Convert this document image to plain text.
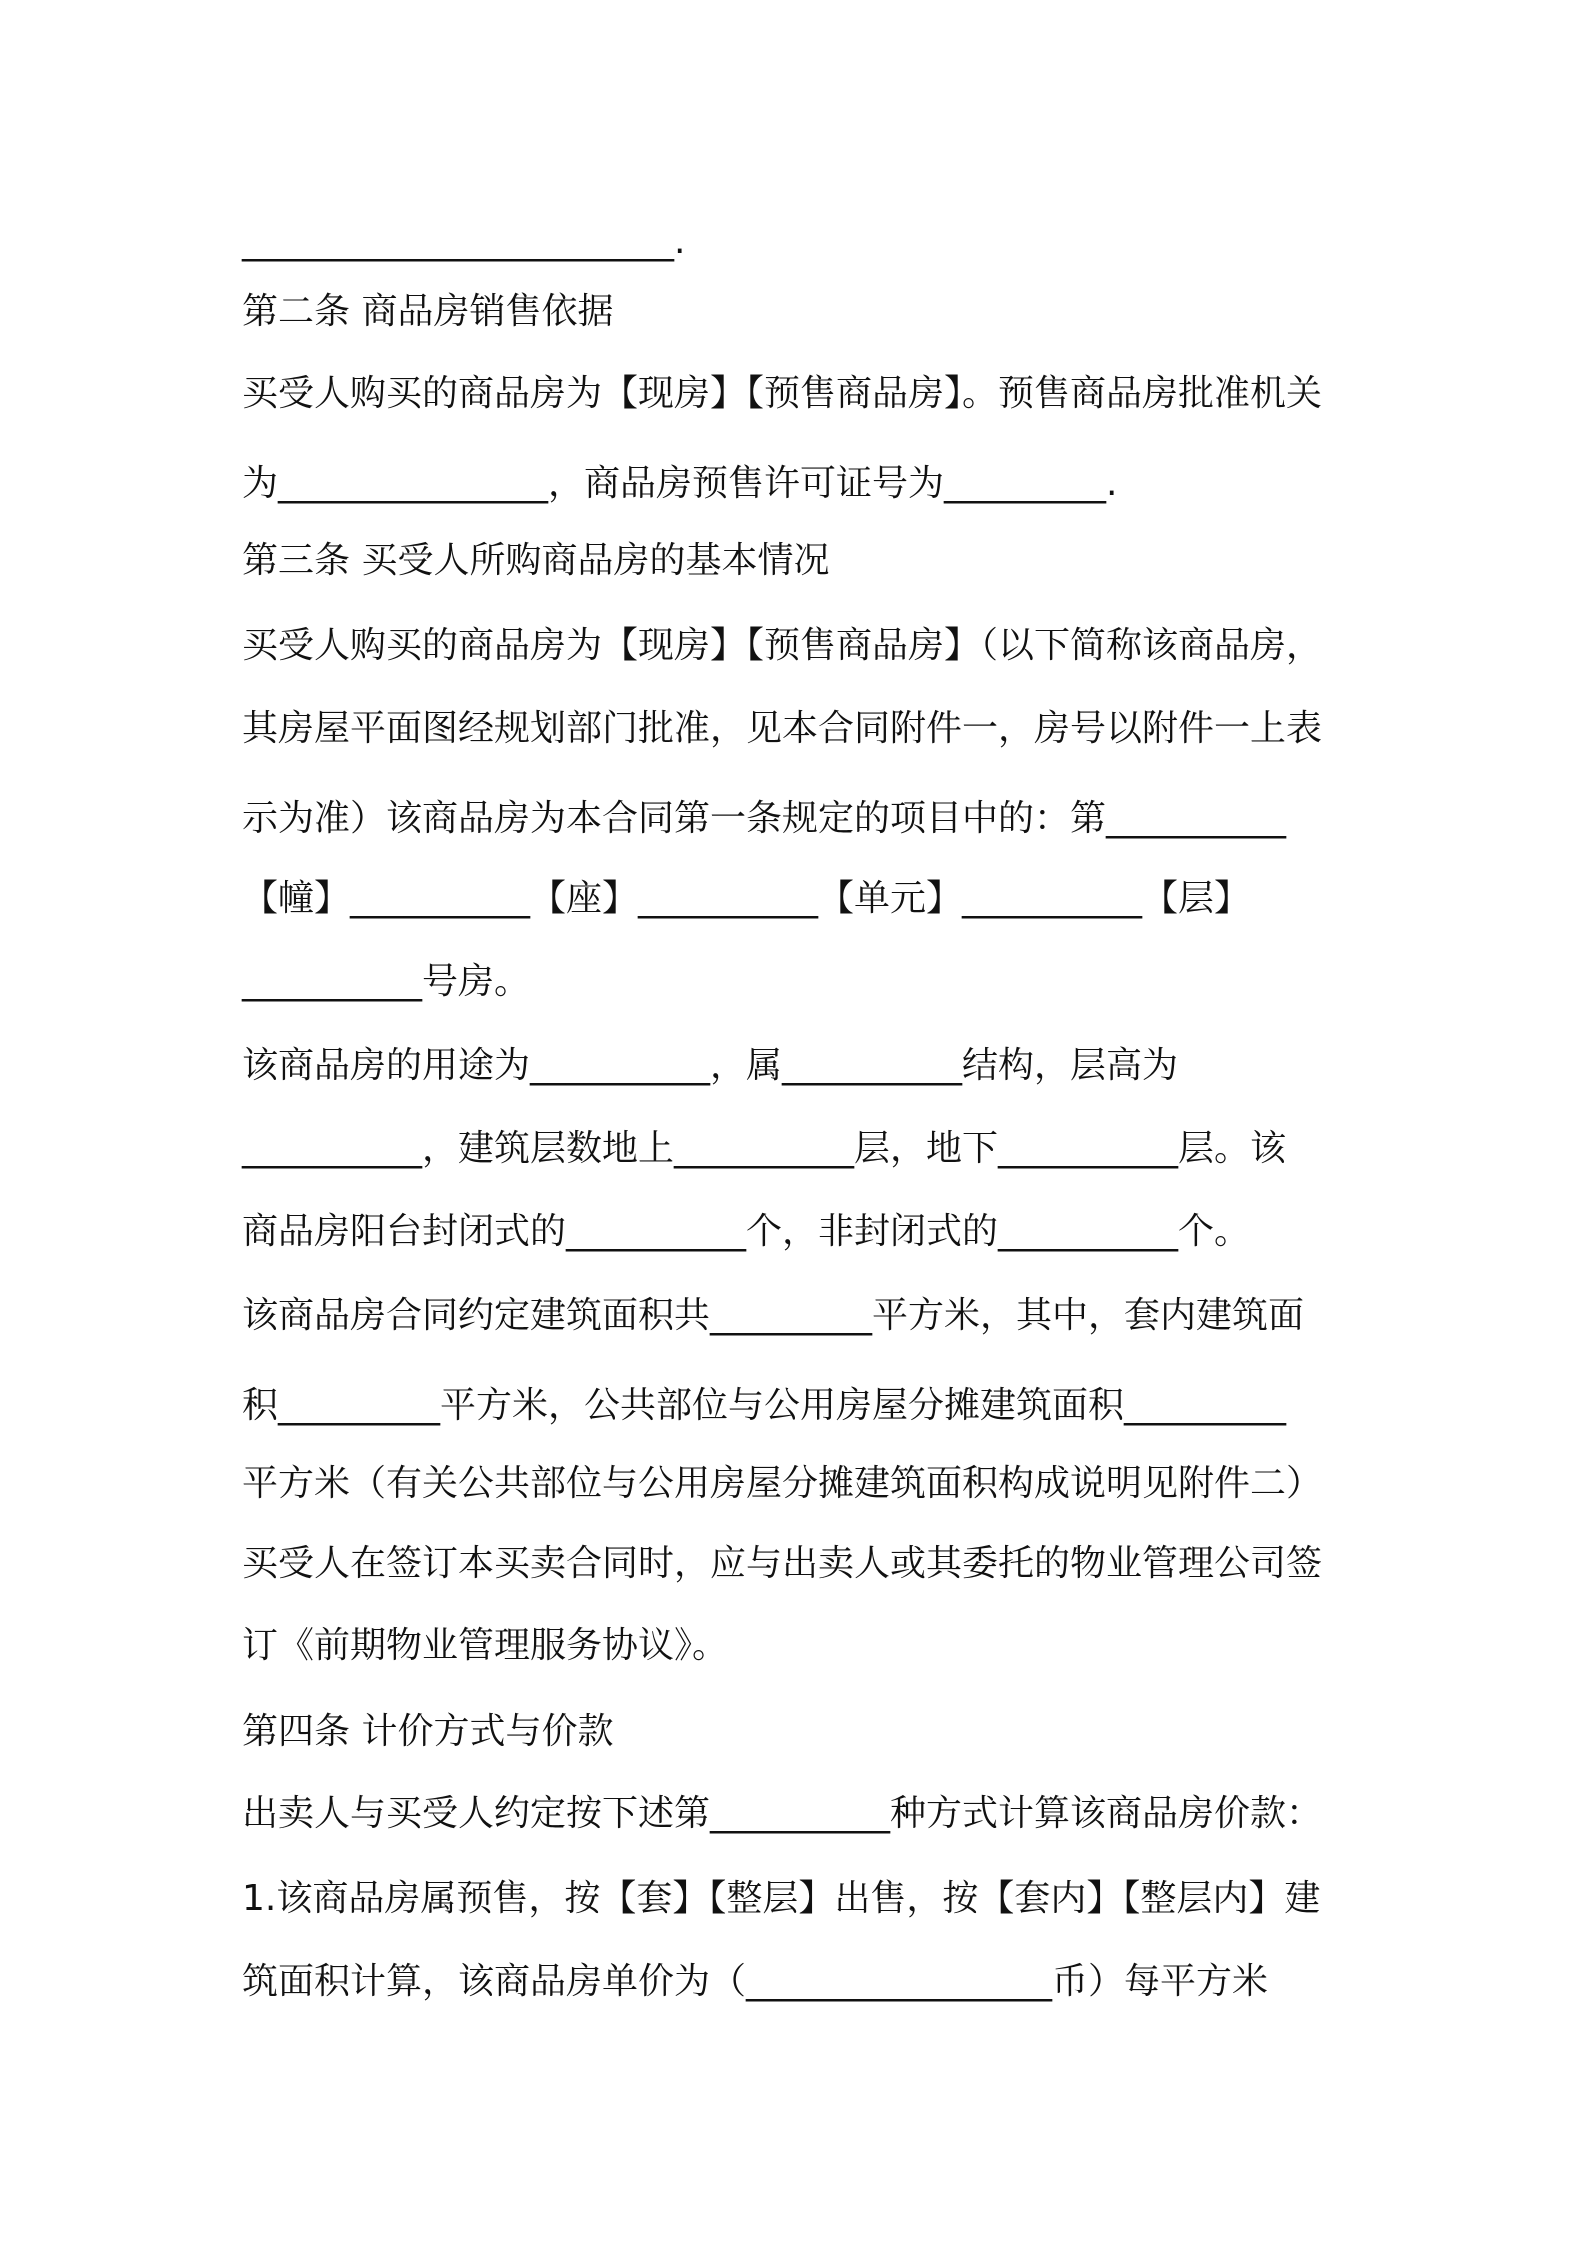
________________________.

第二条 商品房销售依据

买受人购买的商品房为【现房】【预售商品房】。预售商品房批准机关

为_______________，商品房预售许可证号为_________.

第三条 买受人所购商品房的基本情况

买受人购买的商品房为【现房】【预售商品房】（以下简称该商品房，

其房屋平面图经规划部门批准，见本合同附件一，房号以附件一上表

示为准）该商品房为本合同第一条规定的项目中的：第__________

【幢】__________【座】__________【单元】__________【层】

__________号房。

该商品房的用途为__________，属__________结构，层高为

__________，建筑层数地上__________层，地下__________层。该

商品房阳台封闭式的__________个，非封闭式的__________个。

该商品房合同约定建筑面积共_________平方米，其中，套内建筑面

积_________平方米，公共部位与公用房屋分摊建筑面积_________

平方米（有关公共部位与公用房屋分摊建筑面积构成说明见附件二）

买受人在签订本买卖合同时，应与出卖人或其委托的物业管理公司签

订《前期物业管理服务协议》。

第四条 计价方式与价款

出卖人与买受人约定按下述第__________种方式计算该商品房价款：

1.该商品房属预售，按【套】【整层】出售，按【套内】【整层内】建

筑面积计算，该商品房单价为（_________________币）每平方米
